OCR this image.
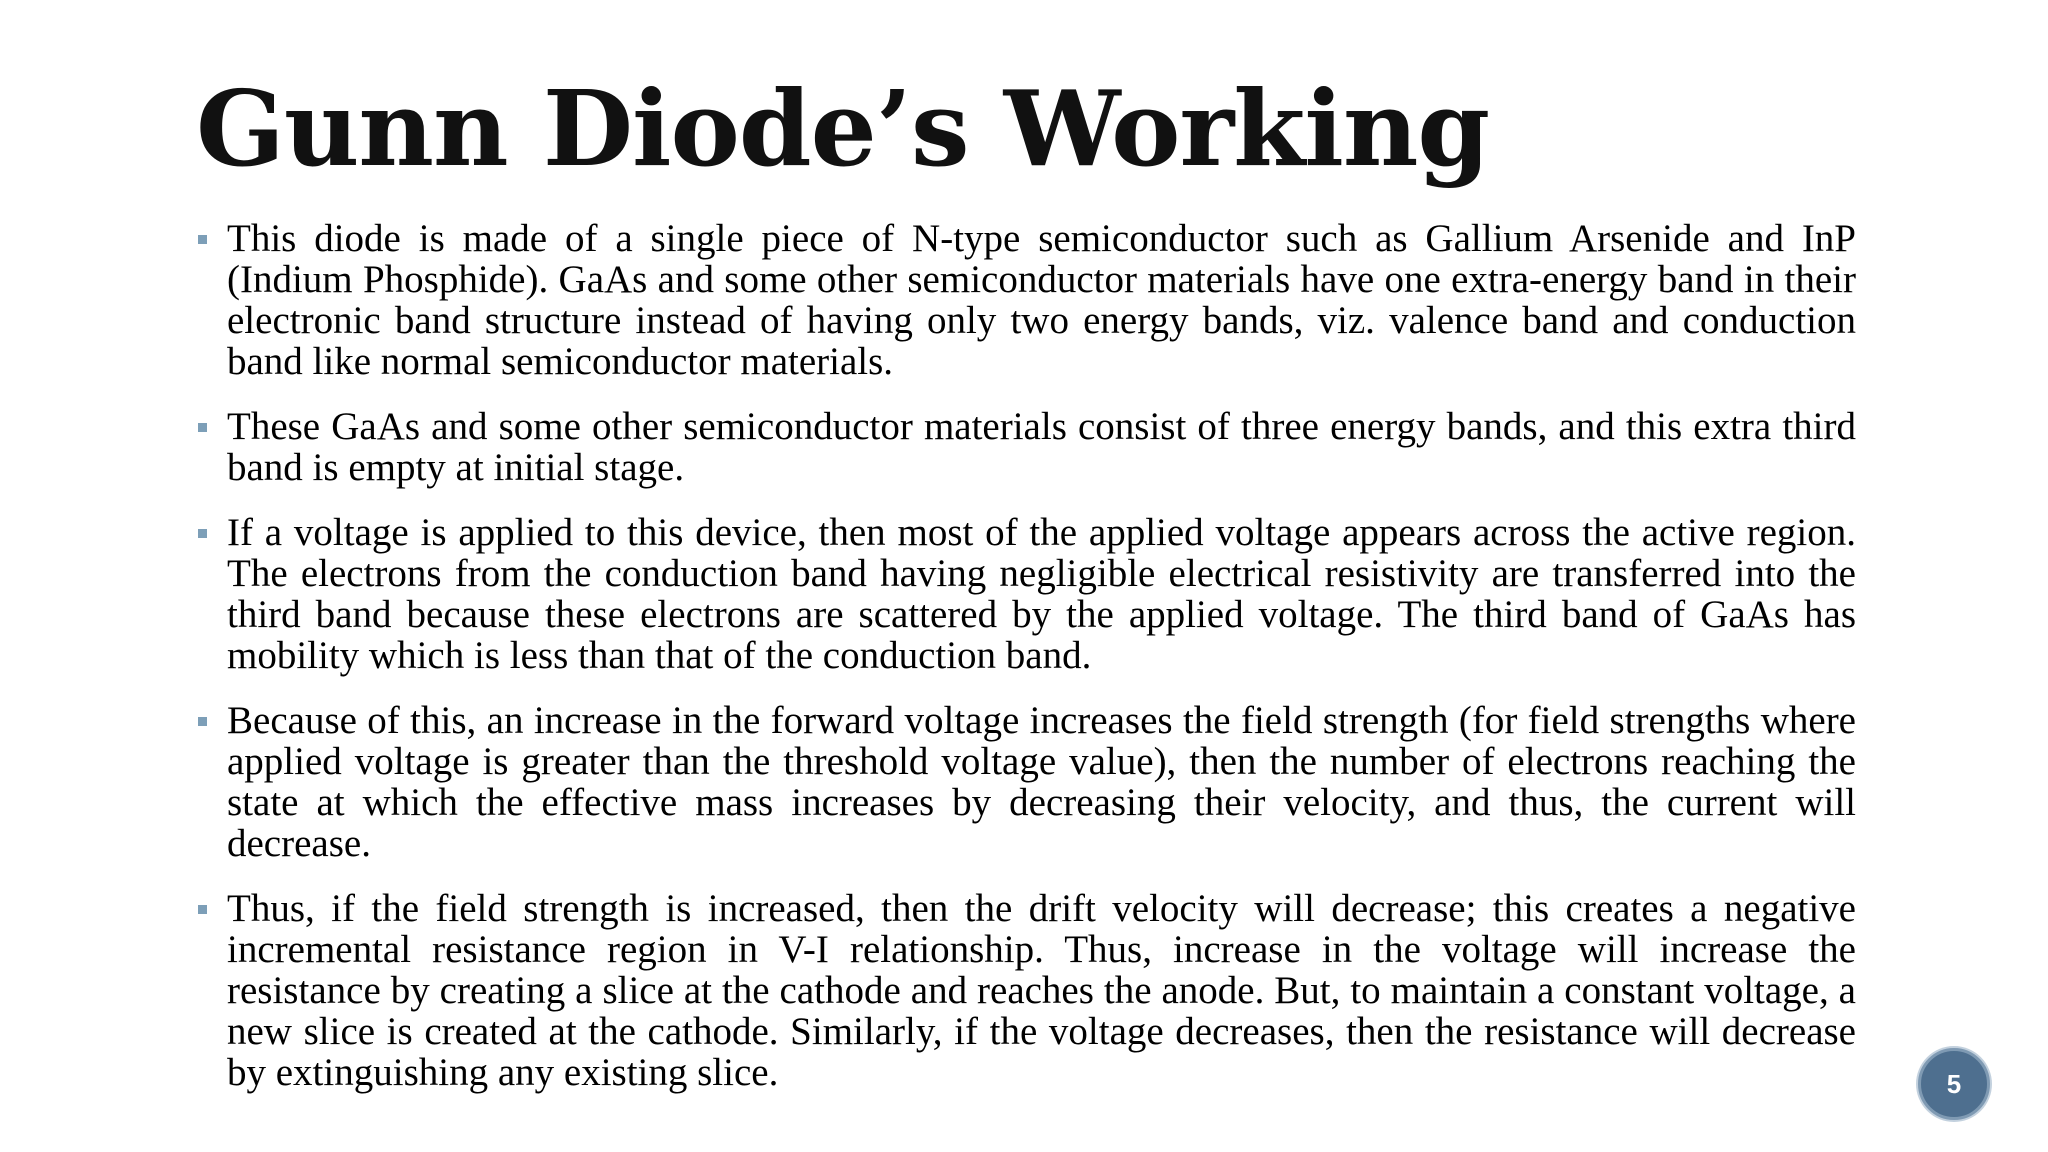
Gunn Diode’s Working
This diode is made of a single piece of N-type semiconductor such as Gallium Arsenide and InP (Indium Phosphide). GaAs and some other semiconductor materials have one extra-energy band in their electronic band structure instead of having only two energy bands, viz. valence band and conduction band like normal semiconductor materials.
These GaAs and some other semiconductor materials consist of three energy bands, and this extra third band is empty at initial stage.
If a voltage is applied to this device, then most of the applied voltage appears across the active region. The electrons from the conduction band having negligible electrical resistivity are transferred into the third band because these electrons are scattered by the applied voltage. The third band of GaAs has mobility which is less than that of the conduction band.
Because of this, an increase in the forward voltage increases the field strength (for field strengths where applied voltage is greater than the threshold voltage value), then the number of electrons reaching the state at which the effective mass increases by decreasing their velocity, and thus, the current will decrease.
Thus, if the field strength is increased, then the drift velocity will decrease; this creates a negative incremental resistance region in V-I relationship. Thus, increase in the voltage will increase the resistance by creating a slice at the cathode and reaches the anode. But, to maintain a constant voltage, a new slice is created at the cathode. Similarly, if the voltage decreases, then the resistance will decrease by extinguishing any existing slice.	5
